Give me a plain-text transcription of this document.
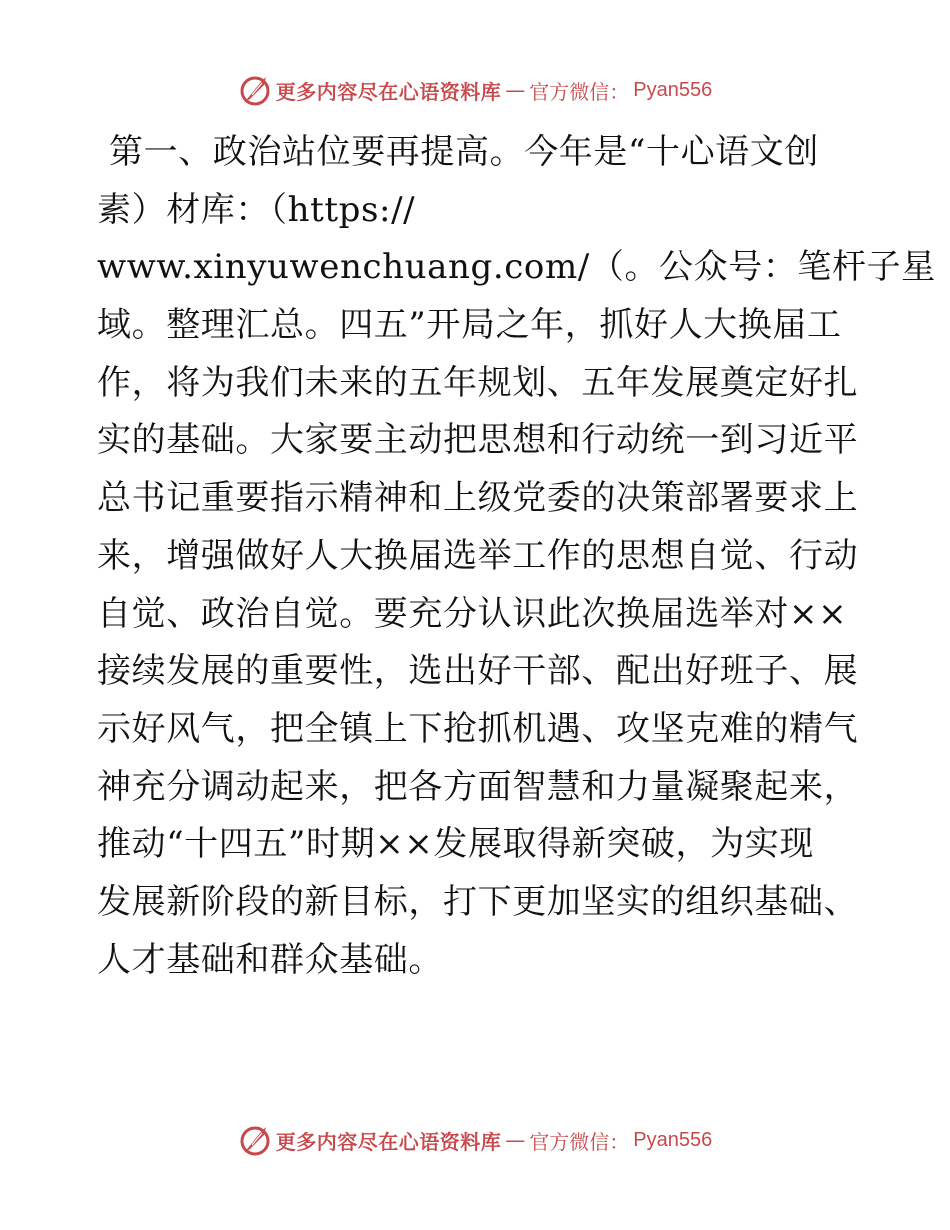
更多内容尽在心语资料库 — 官方微信： Pyan556
第一、政治站位要再提高。今年是“十心语文创
素）材库：（https://
www.xinyuwenchuang.com/（。公众号：笔杆子星
域。整理汇总。四五”开局之年，抓好人大换届工
作，将为我们未来的五年规划、五年发展奠定好扎
实的基础。大家要主动把思想和行动统一到习近平
总书记重要指示精神和上级党委的决策部署要求上
来，增强做好人大换届选举工作的思想自觉、行动
自觉、政治自觉。要充分认识此次换届选举对××
接续发展的重要性，选出好干部、配出好班子、展
示好风气，把全镇上下抢抓机遇、攻坚克难的精气
神充分调动起来，把各方面智慧和力量凝聚起来，
推动“十四五”时期××发展取得新突破，为实现
发展新阶段的新目标，打下更加坚实的组织基础、
人才基础和群众基础。
更多内容尽在心语资料库 — 官方微信： Pyan556
